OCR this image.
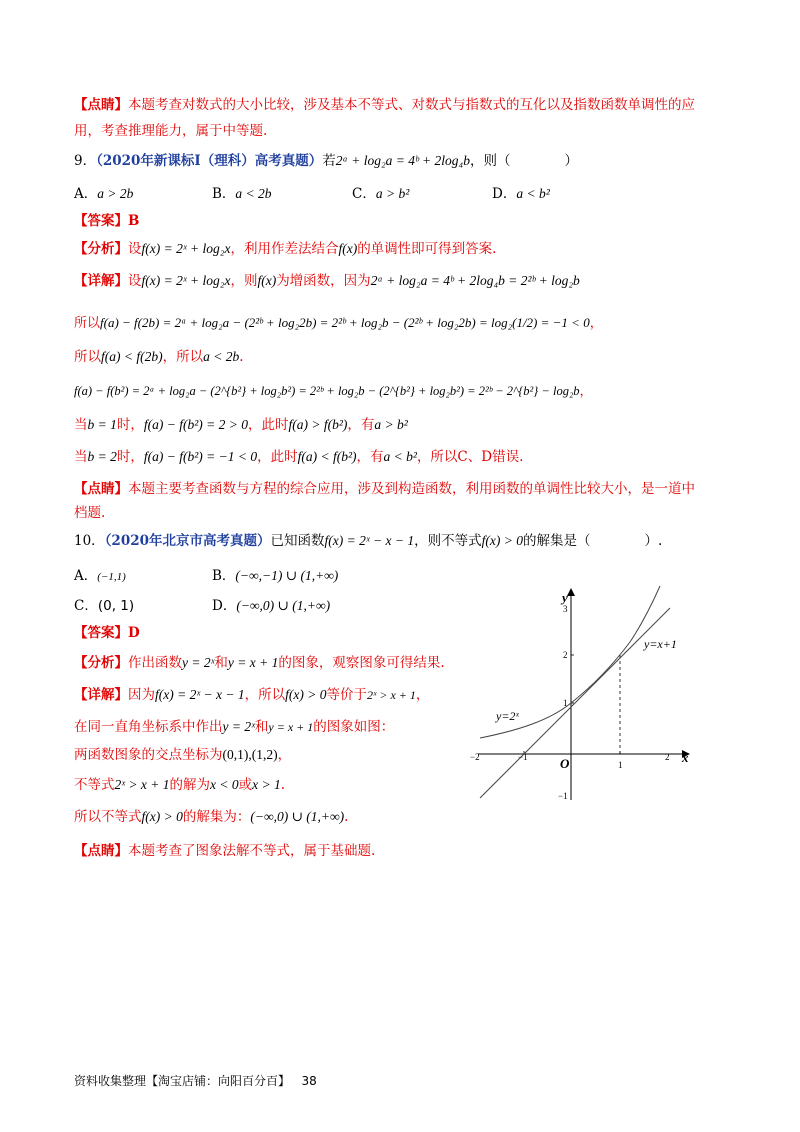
【点睛】本题考查对数式的大小比较，涉及基本不等式、对数式与指数式的互化以及指数函数单调性的应
用，考查推理能力，属于中等题.
9．（2020年新课标Ⅰ（理科）高考真题）若2ᵃ + log₂a = 4ᵇ + 2log₄b，则（　　　　）
A．a > 2b	B．a < 2b	C．a > b²	D．a < b²
【答案】B
【分析】设f(x) = 2ˣ + log₂x，利用作差法结合f(x)的单调性即可得到答案.
【详解】设f(x) = 2ˣ + log₂x，则f(x)为增函数，因为2ᵃ + log₂a = 4ᵇ + 2log₄b = 2²ᵇ + log₂b
所以f(a) − f(2b) = 2ᵃ + log₂a − (2²ᵇ + log₂2b) = 2²ᵇ + log₂b − (2²ᵇ + log₂2b) = log₂(1/2) = −1 < 0，
所以f(a) < f(2b)，所以a < 2b.
f(a) − f(b²) = 2ᵃ + log₂a − (2^{b²} + log₂b²) = 2²ᵇ + log₂b − (2^{b²} + log₂b²) = 2²ᵇ − 2^{b²} − log₂b，
当b = 1时，f(a) − f(b²) = 2 > 0，此时f(a) > f(b²)，有a > b²
当b = 2时，f(a) − f(b²) = −1 < 0，此时f(a) < f(b²)，有a < b²，所以C、D错误.
【点睛】本题主要考查函数与方程的综合应用，涉及到构造函数，利用函数的单调性比较大小，是一道中
档题.
10．（2020年北京市高考真题）已知函数f(x) = 2ˣ − x − 1，则不等式f(x) > 0的解集是（　　　　）.
A．(−1,1)	B．(−∞,−1) ∪ (1,+∞)
C．(0, 1)	D．(−∞,0) ∪ (1,+∞)
【答案】D
【分析】作出函数y = 2ˣ和y = x + 1的图象，观察图象可得结果.
【详解】因为f(x) = 2ˣ − x − 1，所以f(x) > 0等价于2ˣ > x + 1，
在同一直角坐标系中作出y = 2ˣ和y = x + 1的图象如图：
两函数图象的交点坐标为(0,1),(1,2)，
不等式2ˣ > x + 1的解为x < 0或x > 1.
所以不等式f(x) > 0的解集为：(−∞,0) ∪ (1,+∞).
【点睛】本题考查了图象法解不等式，属于基础题.
y
x
O
−2	−1
1
2
3
2
1
−1
y=2ˣ
y=x+1
资料收集整理【淘宝店铺：向阳百分百】 38
